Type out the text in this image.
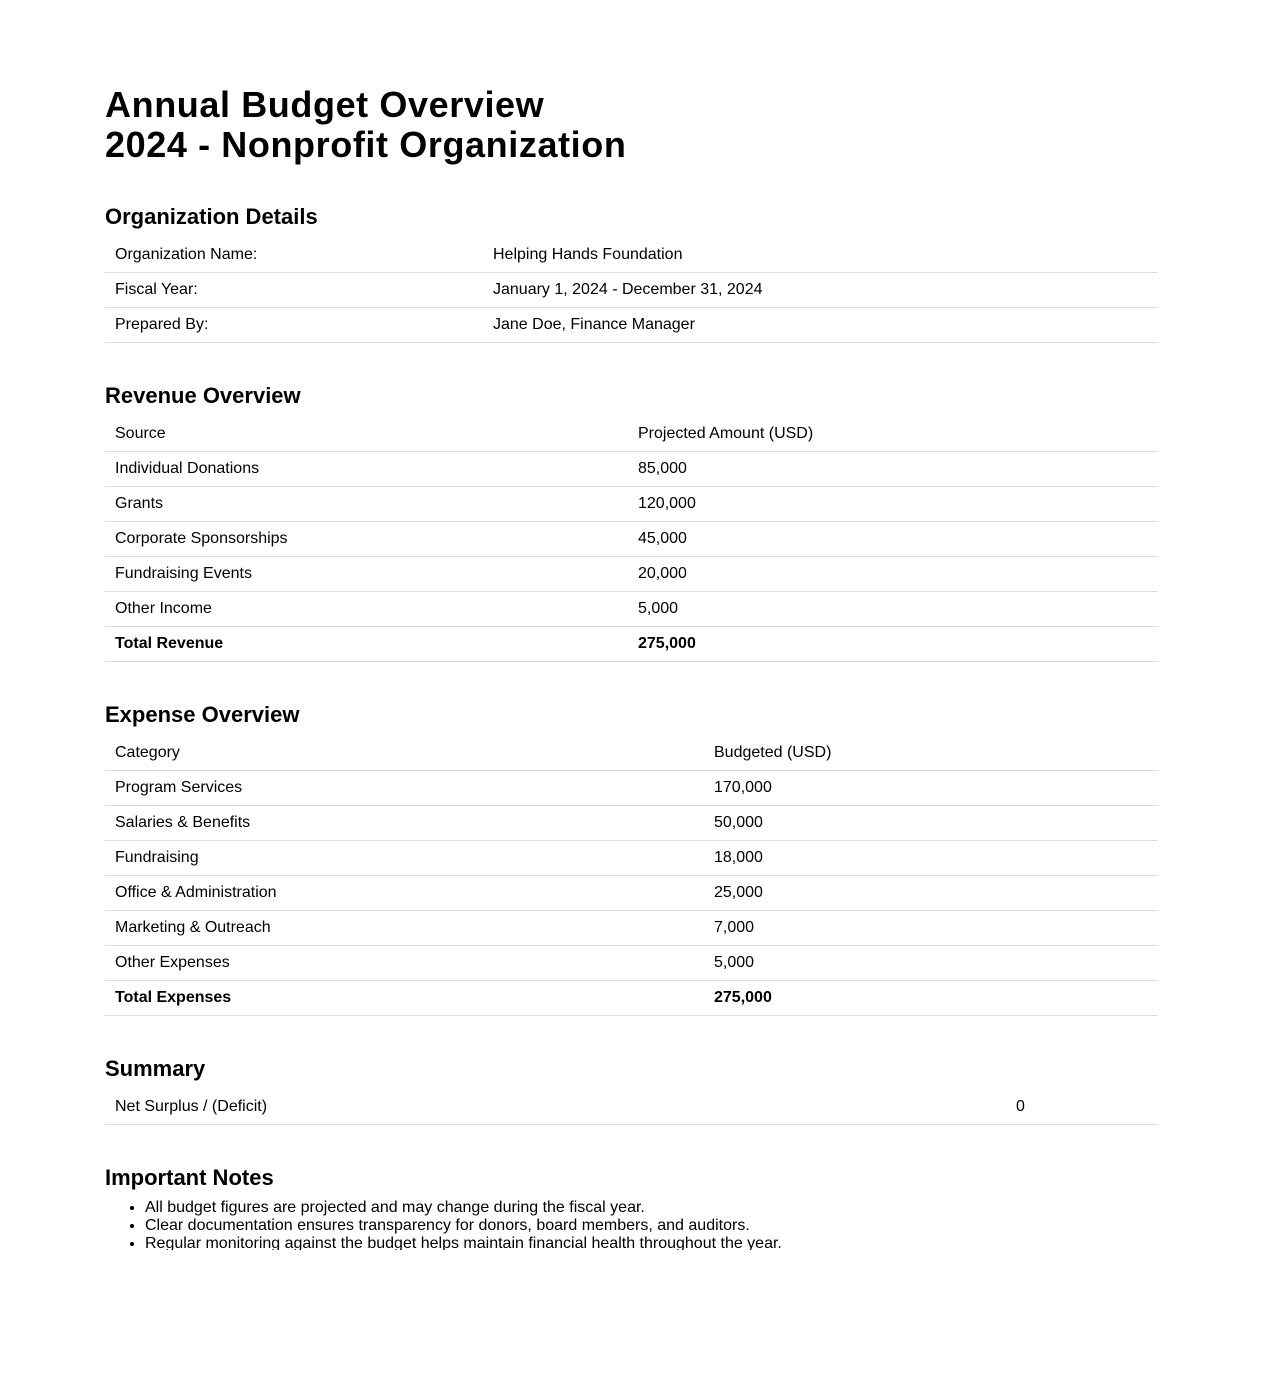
Annual Budget Overview
2024 - Nonprofit Organization
Organization Details
Organization Name:	Helping Hands Foundation
Fiscal Year:	January 1, 2024 - December 31, 2024
Prepared By:	Jane Doe, Finance Manager
Revenue Overview
Source	Projected Amount (USD)
Individual Donations	85,000
Grants	120,000
Corporate Sponsorships	45,000
Fundraising Events	20,000
Other Income	5,000
Total Revenue	275,000
Expense Overview
Category	Budgeted (USD)
Program Services	170,000
Salaries & Benefits	50,000
Fundraising	18,000
Office & Administration	25,000
Marketing & Outreach	7,000
Other Expenses	5,000
Total Expenses	275,000
Summary
Net Surplus / (Deficit)	0
Important Notes
• All budget figures are projected and may change during the fiscal year.
• Clear documentation ensures transparency for donors, board members, and auditors.
• Regular monitoring against the budget helps maintain financial health throughout the year.
